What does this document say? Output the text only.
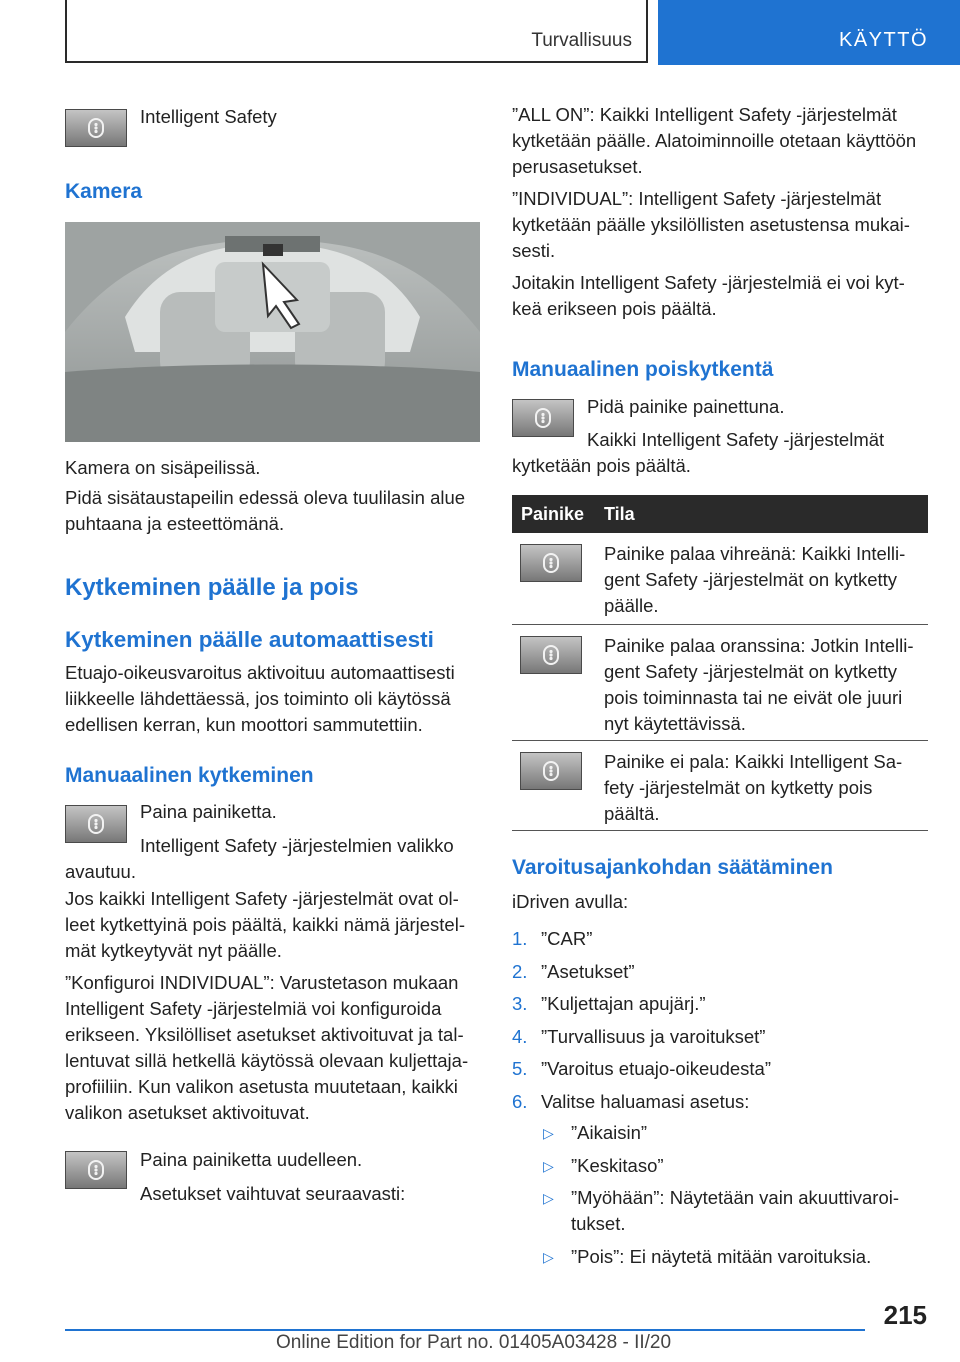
Turvallisuus	KÄYTTÖ

Intelligent Safety

Kamera

Kamera on sisäpeilissä.

Pidä sisätaustapeilin edessä oleva tuulilasin alue puhtaana ja esteettömänä.

Kytkeminen päälle ja pois
Kytkeminen päälle automaattisesti

Etuajo-oikeusvaroitus aktivoituu automaattisesti liikkeelle lähdettäessä, jos toiminto oli käytössä edellisen kerran, kun moottori sammutettiin.

Manuaalinen kytkeminen

Paina painiketta.

Intelligent Safety -järjestelmien valikko avautuu.

Jos kaikki Intelligent Safety -järjestelmät ovat ol-leet kytkettyinä pois päältä, kaikki nämä järjestel-mät kytkeytyvät nyt päälle.

”Konfiguroi INDIVIDUAL”: Varustetason mukaan Intelligent Safety -järjestelmiä voi konfiguroida erikseen. Yksilölliset asetukset aktivoituvat ja tal-lentuvat sillä hetkellä käytössä olevaan kuljettaja-profiiliin. Kun valikon asetusta muutetaan, kaikki valikon asetukset aktivoituvat.

Paina painiketta uudelleen.

Asetukset vaihtuvat seuraavasti:

”ALL ON”: Kaikki Intelligent Safety -järjestelmät kytketään päälle. Alatoiminnoille otetaan käyttöön perusasetukset.

”INDIVIDUAL”: Intelligent Safety -järjestelmät kytketään päälle yksilöllisten asetustensa mukai-sesti.

Joitakin Intelligent Safety -järjestelmiä ei voi kyt-keä erikseen pois päältä.

Manuaalinen poiskytkentä

Pidä painike painettuna.

Kaikki Intelligent Safety -järjestelmät kytketään pois päältä.

Painike Tila

Painike palaa vihreänä: Kaikki Intelli-gent Safety -järjestelmät on kytketty päälle.

Painike palaa oranssina: Jotkin Intelli-gent Safety -järjestelmät on kytketty pois toiminnasta tai ne eivät ole juuri nyt käytettävissä.

Painike ei pala: Kaikki Intelligent Sa-fety -järjestelmät on kytketty pois päältä.

Varoitusajankohdan säätäminen

iDriven avulla:

1. ”CAR”
2. ”Asetukset”
3. ”Kuljettajan apujärj.”
4. ”Turvallisuus ja varoitukset”
5. ”Varoitus etuajo-oikeudesta”
6. Valitse haluamasi asetus:
▷ ”Aikaisin”
▷ ”Keskitaso”
▷ ”Myöhään”: Näytetään vain akuuttivaroi-tukset.
▷ ”Pois”: Ei näytetä mitään varoituksia.
215
Online Edition for Part no. 01405A03428 - II/20
